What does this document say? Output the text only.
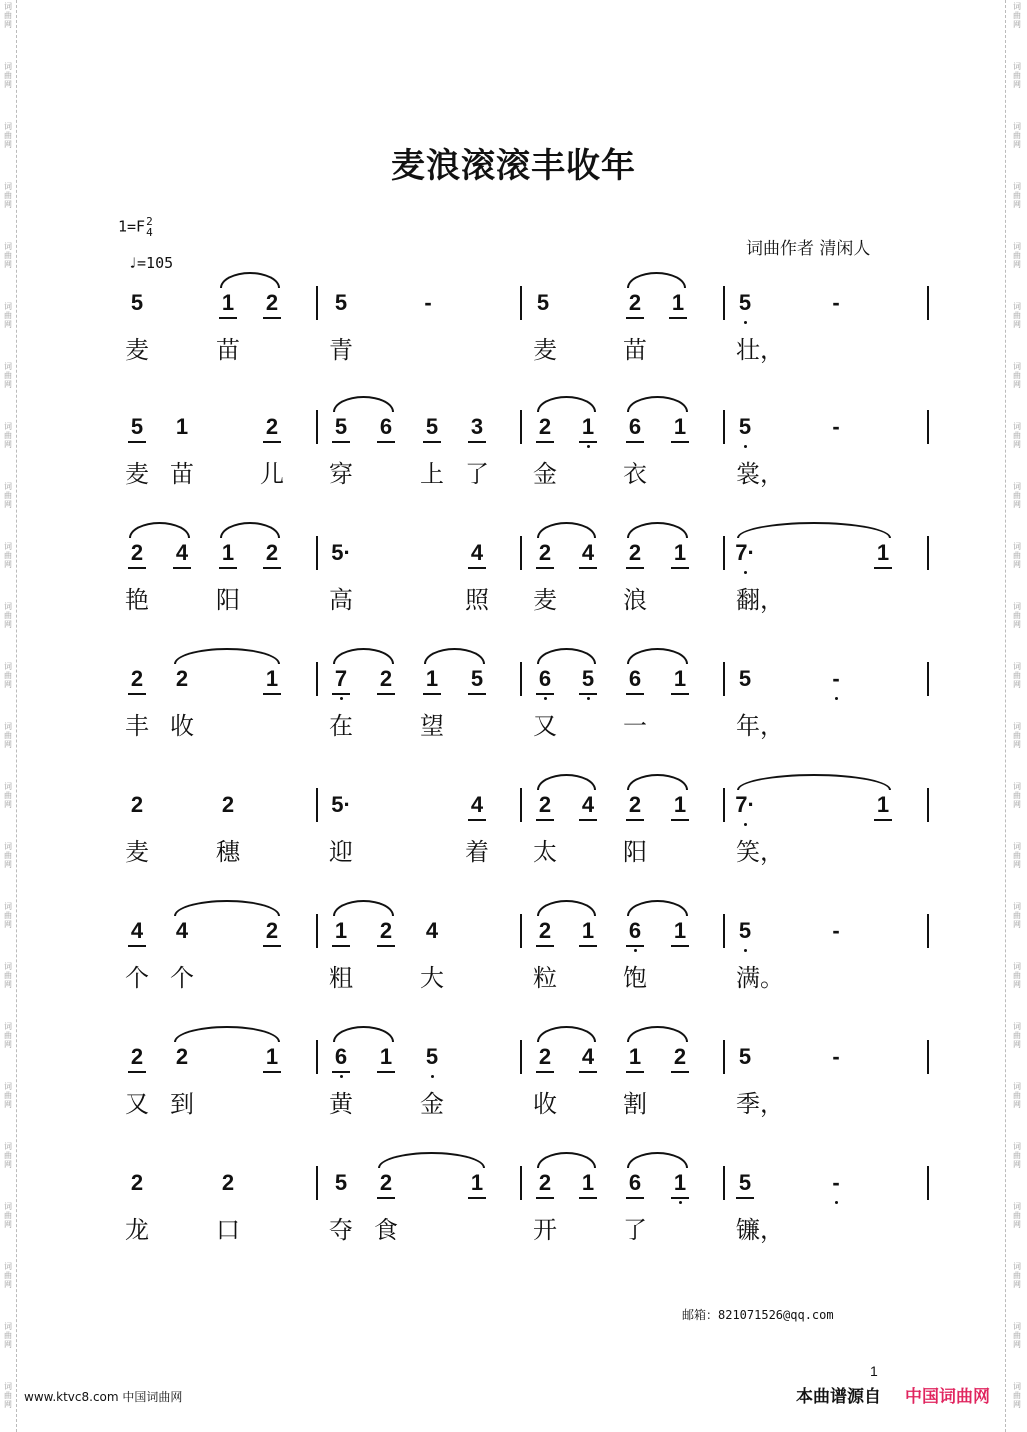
词曲网
词曲网
词曲网
词曲网
词曲网
词曲网
词曲网
词曲网
词曲网
词曲网
词曲网
词曲网
词曲网
词曲网
词曲网
词曲网
词曲网
词曲网
词曲网
词曲网
词曲网
词曲网
词曲网
词曲网
词曲网
词曲网
词曲网
词曲网
词曲网
词曲网
词曲网
词曲网
词曲网
词曲网
词曲网
词曲网
词曲网
词曲网
词曲网
词曲网
词曲网
词曲网
词曲网
词曲网
词曲网
词曲网
词曲网
词曲网
麦浪滚滚丰收年
1=F 2
4
♩=105
词曲作者 清闲人
5	1 2	5	-	5	2 1 5	-
麦	苗	青	麦	苗	壮，
5 1	2	5 6 5 3	2 1 6 1 5	-
麦 苗	儿 穿	上 了 金	衣	裳，
2 4 1 2 5·	4	2 4 2 1 7·	1
艳	阳	高	照 麦	浪	翻，
2 2	1	7 2 1 5	6 5 6 1 5	-
丰 收	在	望	又	一	年，
2	2	5·	4	2 4 2 1 7·	1
麦	穗	迎	着 太	阳	笑，
4 4	2	1 2 4	2 1 6 1 5	-
个 个	粗	大	粒	饱	满。
2 2	1	6 1 5	2 4 1 2 5	-
又 到	黄	金	收	割	季，
2	2	5 2	1	2 1 6 1 5	-
龙	口	夺 食	开	了	镰，
邮箱：821071526@qq.com
1
www.ktvc8.com 中国词曲网	本曲谱源自 中国词曲网
